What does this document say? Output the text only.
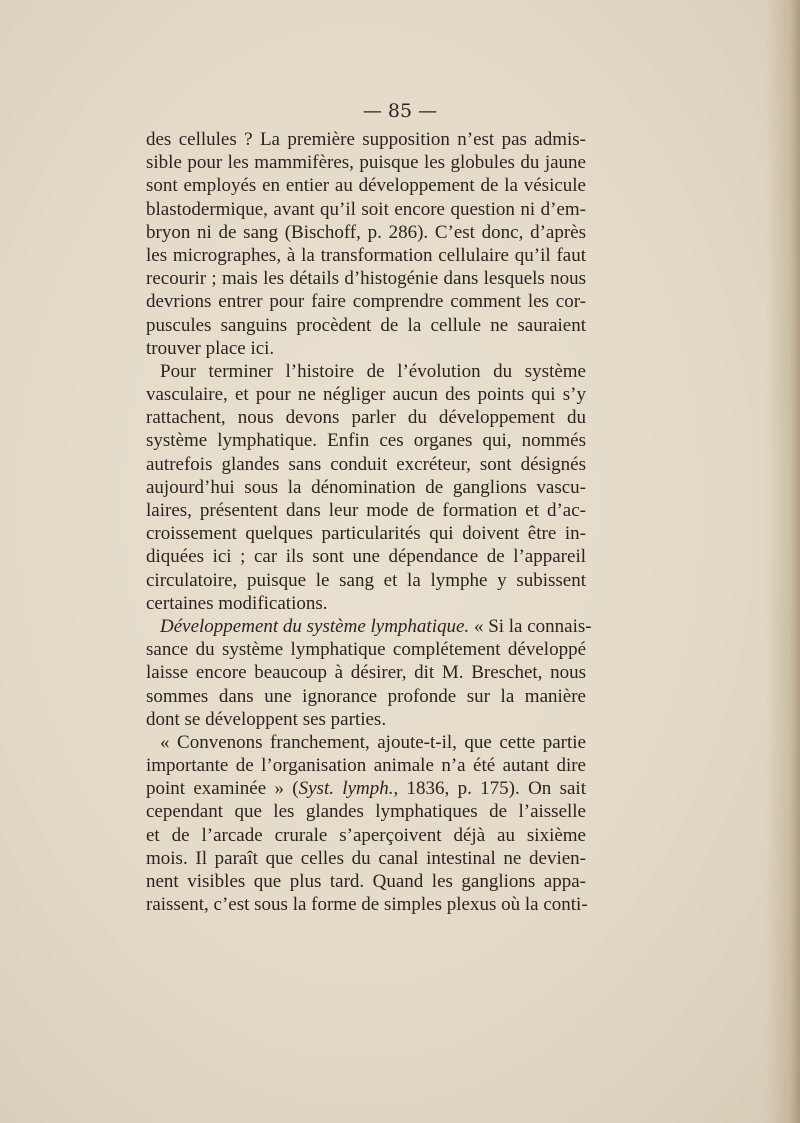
— 85 —
des cellules ? La première supposition n’est pas admis-
sible pour les mammifères, puisque les globules du jaune
sont employés en entier au développement de la vésicule
blastodermique, avant qu’il soit encore question ni d’em-
bryon ni de sang (Bischoff, p. 286). C’est donc, d’après
les micrographes, à la transformation cellulaire qu’il faut
recourir ; mais les détails d’histogénie dans lesquels nous
devrions entrer pour faire comprendre comment les cor-
puscules sanguins procèdent de la cellule ne sauraient
trouver place ici.
Pour terminer l’histoire de l’évolution du système
vasculaire, et pour ne négliger aucun des points qui s’y
rattachent, nous devons parler du développement du
système lymphatique. Enfin ces organes qui, nommés
autrefois glandes sans conduit excréteur, sont désignés
aujourd’hui sous la dénomination de ganglions vascu-
laires, présentent dans leur mode de formation et d’ac-
croissement quelques particularités qui doivent être in-
diquées ici ; car ils sont une dépendance de l’appareil
circulatoire, puisque le sang et la lymphe y subissent
certaines modifications.
Développement du système lymphatique. « Si la connais-
sance du système lymphatique complétement développé
laisse encore beaucoup à désirer, dit M. Breschet, nous
sommes dans une ignorance profonde sur la manière
dont se développent ses parties.
« Convenons franchement, ajoute-t-il, que cette partie
importante de l’organisation animale n’a été autant dire
point examinée » (Syst. lymph., 1836, p. 175). On sait
cependant que les glandes lymphatiques de l’aisselle
et de l’arcade crurale s’aperçoivent déjà au sixième
mois. Il paraît que celles du canal intestinal ne devien-
nent visibles que plus tard. Quand les ganglions appa-
raissent, c’est sous la forme de simples plexus où la conti-
